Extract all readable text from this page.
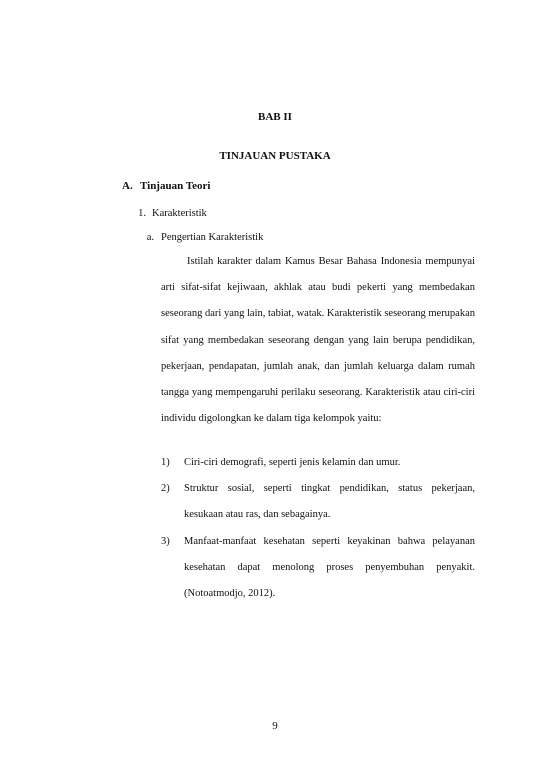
BAB II
TINJAUAN PUSTAKA
A. Tinjauan Teori
1. Karakteristik
a. Pengertian Karakteristik

Istilah karakter dalam Kamus Besar Bahasa Indonesia mempunyai arti sifat-sifat kejiwaan, akhlak atau budi pekerti yang membedakan seseorang dari yang lain, tabiat, watak. Karakteristik seseorang merupakan sifat yang membedakan seseorang dengan yang lain berupa pendidikan, pekerjaan, pendapatan, jumlah anak, dan jumlah keluarga dalam rumah tangga yang mempengaruhi perilaku seseorang. Karakteristik atau ciri-ciri individu digolongkan ke dalam tiga kelompok yaitu:

1) Ciri-ciri demografi, seperti jenis kelamin dan umur.
2) Struktur sosial, seperti tingkat pendidikan, status pekerjaan, kesukaan atau ras, dan sebagainya.
3) Manfaat-manfaat kesehatan seperti keyakinan bahwa pelayanan kesehatan dapat menolong proses penyembuhan penyakit. (Notoatmodjo, 2012).
9
